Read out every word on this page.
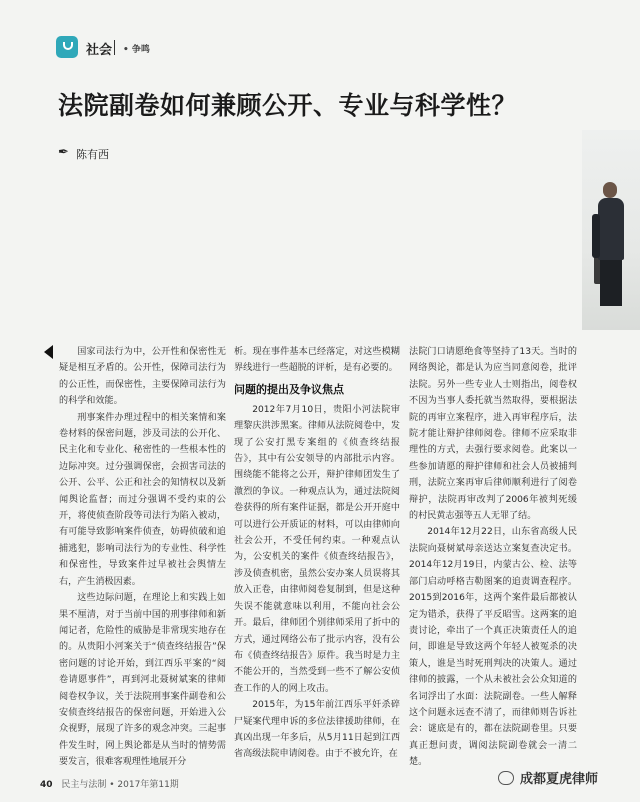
社会 • 争鸣
法院副卷如何兼顾公开、专业与科学性？
✒ 陈有西

国家司法行为中，公开性和保密性无疑是相互矛盾的。公开性，保障司法行为的公正性，而保密性，主要保障司法行为的科学和效能。

刑事案件办理过程中的相关案情和案卷材料的保密问题，涉及司法的公开化、民主化和专业化、秘密性的一些根本性的边际冲突。过分强调保密，会损害司法的公开、公平、公正和社会的知情权以及新闻舆论监督；而过分强调不受约束的公开，将使侦查阶段等司法行为陷入被动，有可能导致影响案件侦查，妨碍侦破和追捕逃犯，影响司法行为的专业性、科学性和保密性，导致案件过早被社会舆情左右，产生消极因素。

这些边际问题，在理论上和实践上如果不厘清，对于当前中国的刑事律师和新闻记者，危险性的威胁是非常现实地存在的。从贵阳小河案关于“侦查终结报告”保密问题的讨论开始，到江西乐平案的“阅卷请愿事件”，再到河北聂树斌案的律师阅卷权争议，关于法院刑事案件副卷和公安侦查终结报告的保密问题，开始进入公众视野，展现了许多的观念冲突。三起事件发生时，网上舆论都是从当时的情势需要发言，很难客观理性地展开分

析。现在事件基本已经落定，对这些模糊界线进行一些超脱的评析，是有必要的。

问题的提出及争议焦点

2012年7月10日，贵阳小河法院审理黎庆洪涉黑案。律师从法院阅卷中，发现了公安打黑专案组的《侦查终结报告》，其中有公安领导的内部批示内容。围绕能不能将之公开，辩护律师团发生了激烈的争议。一种观点认为，通过法院阅卷获得的所有案件证据，都是公开开庭中可以进行公开质证的材料，可以由律师向社会公开，不受任何约束。一种观点认为，公安机关的案件《侦查终结报告》，涉及侦查机密，虽然公安办案人员误将其放入正卷，由律师阅卷复制到，但是这种失误不能就意味以利用，不能向社会公开。最后，律师团个别律师采用了折中的方式，通过网络公布了批示内容，没有公布《侦查终结报告》原件。我当时是力主不能公开的，当然受到一些不了解公安侦查工作的人的网上攻击。

2015年，为15年前江西乐平奸杀碎尸疑案代理申诉的多位法律援助律师，在真凶出现一年多后，从5月11日起到江西省高级法院申请阅卷。由于不被允许，在

法院门口请愿绝食等坚持了13天。当时的网络舆论，都是认为应当同意阅卷，批评法院。另外一些专业人士则指出，阅卷权不因为当事人委托就当然取得，要根据法院的再审立案程序，进入再审程序后，法院才能让辩护律师阅卷。律师不应采取非理性的方式，去强行要求阅卷。此案以一些参加请愿的辩护律师和社会人员被捕判刑，法院立案再审后律师顺利进行了阅卷辩护，法院再审改判了2006年被判死缓的村民黄志强等五人无罪了结。

2014年12月22日，山东省高级人民法院向聂树斌母亲送达立案复查决定书。2014年12月19日，内蒙古公、检、法等部门启动呼格吉勒图案的追责调查程序。2015到2016年，这两个案件最后都被认定为错杀，获得了平反昭雪。这两案的追责讨论，牵出了一个真正决策责任人的追问，即谁是导致这两个年轻人被冤杀的决策人，谁是当时死刑判决的决策人。通过律师的披露，一个从未被社会公众知道的名词浮出了水面：法院副卷。一些人解释这个问题永远查不清了，而律师则告诉社会：谜底是有的，都在法院副卷里。只要真正想问责，调阅法院副卷就会一清二楚。

40 民主与法制 • 2017年第11期	成都夏虎律师
